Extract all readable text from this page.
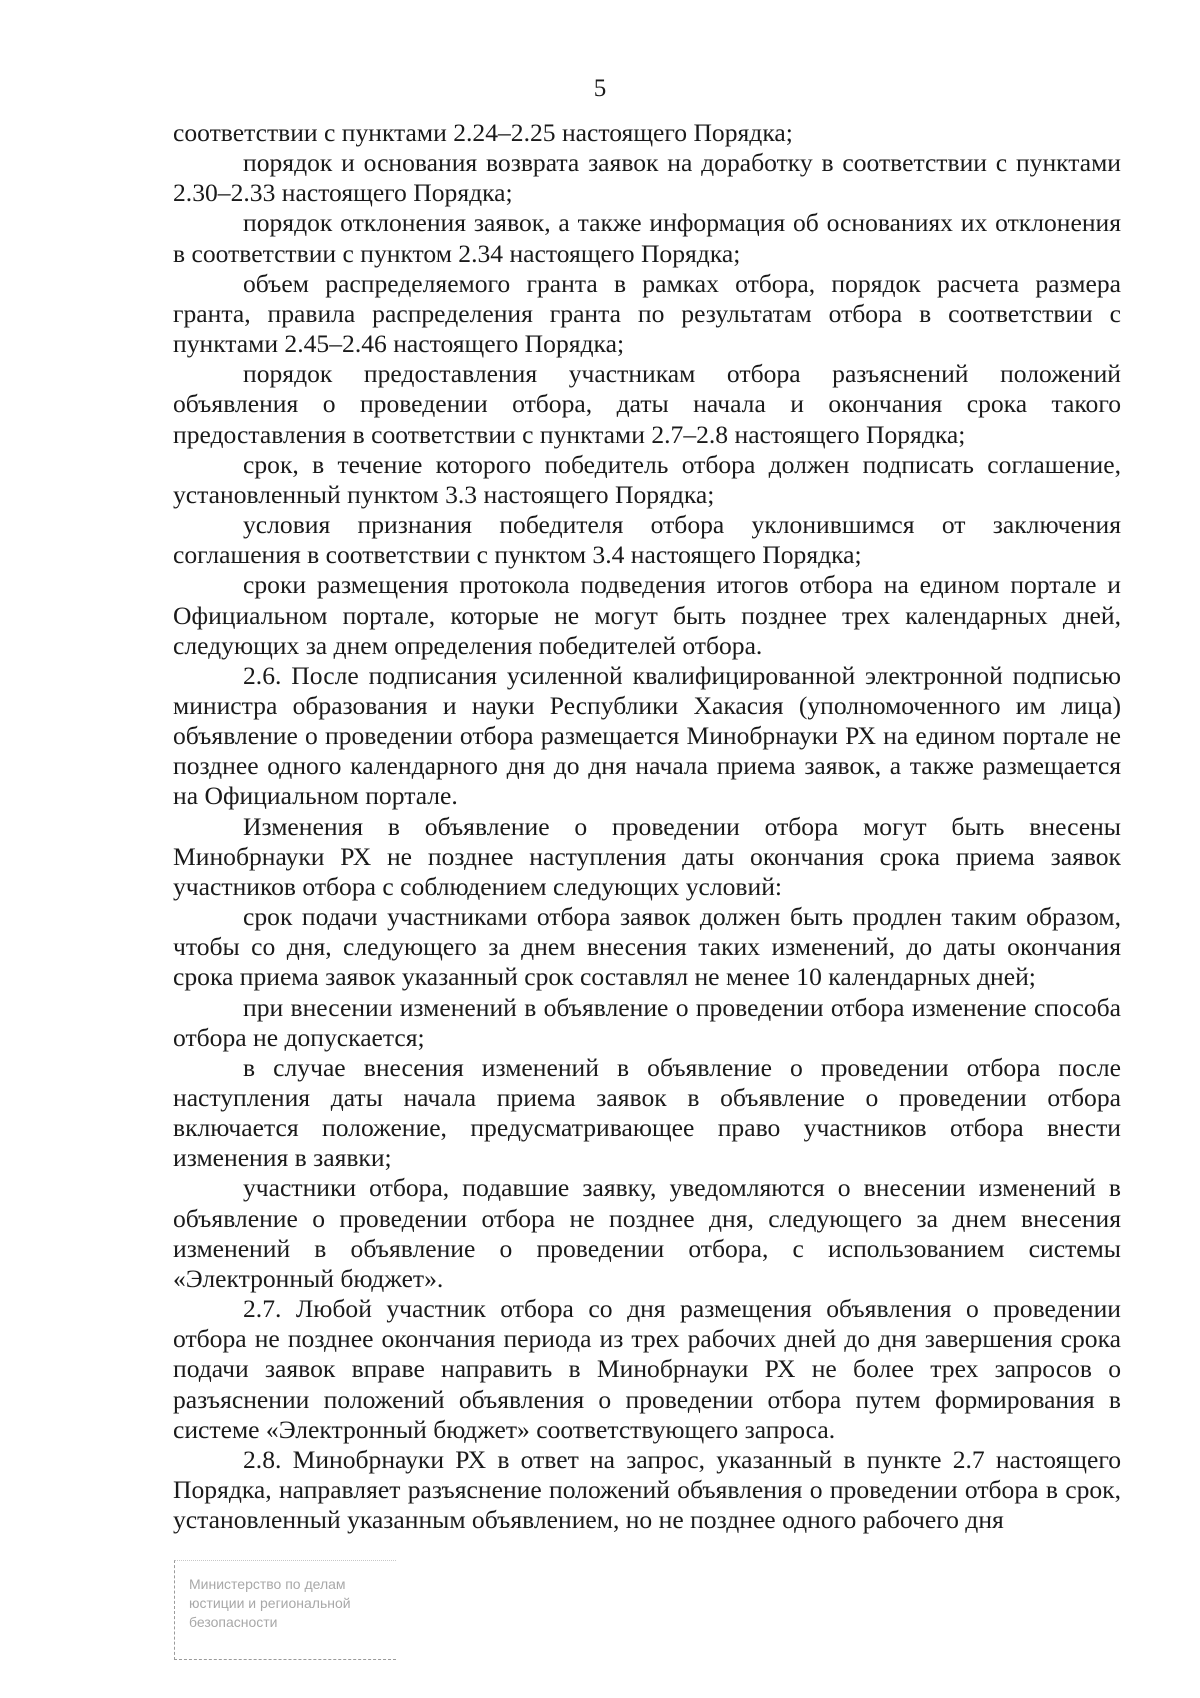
5

соответствии с пунктами 2.24–2.25 настоящего Порядка;

порядок и основания возврата заявок на доработку в соответствии с пунктами 2.30–2.33 настоящего Порядка;

порядок отклонения заявок, а также информация об основаниях их отклонения в соответствии с пунктом 2.34 настоящего Порядка;

объем распределяемого гранта в рамках отбора, порядок расчета размера гранта, правила распределения гранта по результатам отбора в соответствии с пунктами 2.45–2.46 настоящего Порядка;

порядок предоставления участникам отбора разъяснений положений объявления о проведении отбора, даты начала и окончания срока такого предоставления в соответствии с пунктами 2.7–2.8 настоящего Порядка;

срок, в течение которого победитель отбора должен подписать соглашение, установленный пунктом 3.3 настоящего Порядка;

условия признания победителя отбора уклонившимся от заключения соглашения в соответствии с пунктом 3.4 настоящего Порядка;

сроки размещения протокола подведения итогов отбора на едином портале и Официальном портале, которые не могут быть позднее трех календарных дней, следующих за днем определения победителей отбора.

2.6. После подписания усиленной квалифицированной электронной подписью министра образования и науки Республики Хакасия (уполномоченного им лица) объявление о проведении отбора размещается Минобрнауки РХ на едином портале не позднее одного календарного дня до дня начала приема заявок, а также размещается на Официальном портале.

Изменения в объявление о проведении отбора могут быть внесены Минобрнауки РХ не позднее наступления даты окончания срока приема заявок участников отбора с соблюдением следующих условий:

срок подачи участниками отбора заявок должен быть продлен таким образом, чтобы со дня, следующего за днем внесения таких изменений, до даты окончания срока приема заявок указанный срок составлял не менее 10 календарных дней;

при внесении изменений в объявление о проведении отбора изменение способа отбора не допускается;

в случае внесения изменений в объявление о проведении отбора после наступления даты начала приема заявок в объявление о проведении отбора включается положение, предусматривающее право участников отбора внести изменения в заявки;

участники отбора, подавшие заявку, уведомляются о внесении изменений в объявление о проведении отбора не позднее дня, следующего за днем внесения изменений в объявление о проведении отбора, с использованием системы «Электронный бюджет».

2.7. Любой участник отбора со дня размещения объявления о проведении отбора не позднее окончания периода из трех рабочих дней до дня завершения срока подачи заявок вправе направить в Минобрнауки РХ не более трех запросов о разъяснении положений объявления о проведении отбора путем формирования в системе «Электронный бюджет» соответствующего запроса.

2.8. Минобрнауки РХ в ответ на запрос, указанный в пункте 2.7 настоящего Порядка, направляет разъяснение положений объявления о проведении отбора в срок, установленный указанным объявлением, но не позднее одного рабочего дня

Министерство по делам
юстиции и региональной
безопасности
